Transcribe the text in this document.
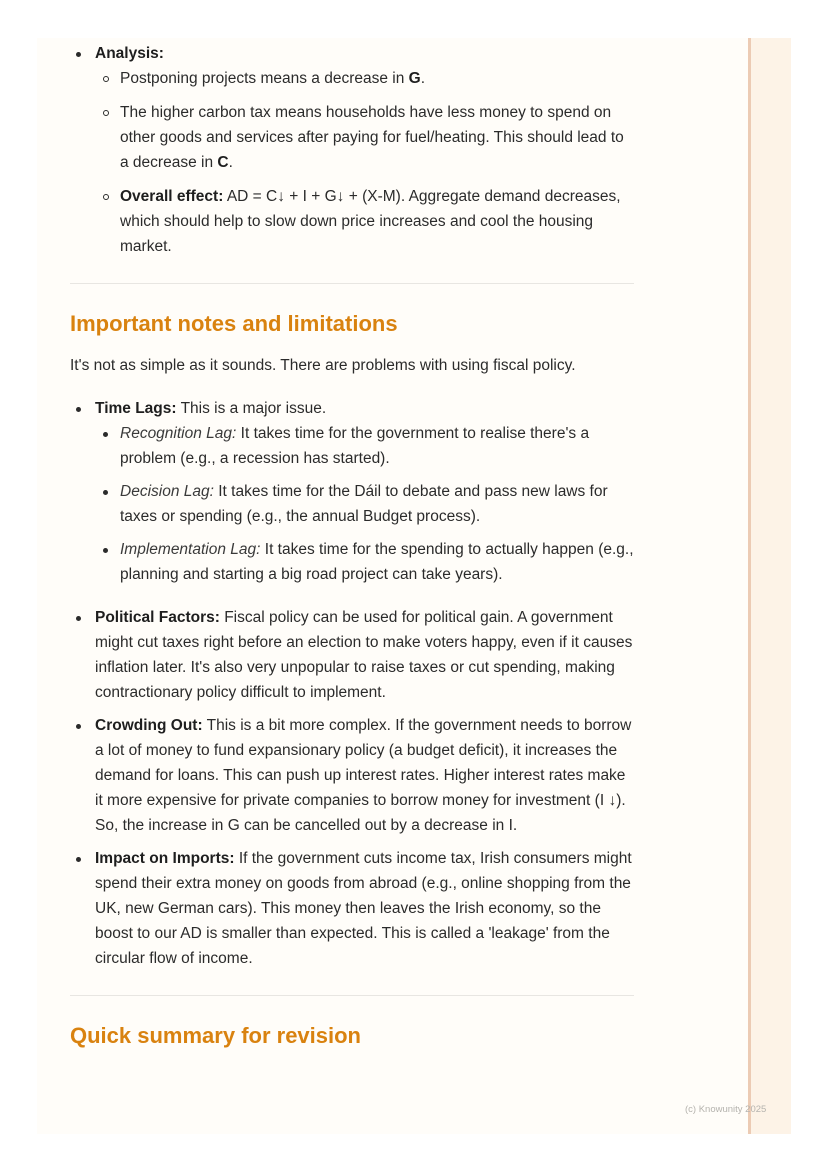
Analysis:
Postponing projects means a decrease in G.
The higher carbon tax means households have less money to spend on other goods and services after paying for fuel/heating. This should lead to a decrease in C.
Overall effect: AD = C↓ + I + G↓ + (X-M). Aggregate demand decreases, which should help to slow down price increases and cool the housing market.
Important notes and limitations

It's not as simple as it sounds. There are problems with using fiscal policy.

Time Lags: This is a major issue.
Recognition Lag: It takes time for the government to realise there's a problem (e.g., a recession has started).
Decision Lag: It takes time for the Dáil to debate and pass new laws for taxes or spending (e.g., the annual Budget process).
Implementation Lag: It takes time for the spending to actually happen (e.g., planning and starting a big road project can take years).
Political Factors: Fiscal policy can be used for political gain. A government might cut taxes right before an election to make voters happy, even if it causes inflation later. It's also very unpopular to raise taxes or cut spending, making contractionary policy difficult to implement.
Crowding Out: This is a bit more complex. If the government needs to borrow a lot of money to fund expansionary policy (a budget deficit), it increases the demand for loans. This can push up interest rates. Higher interest rates make it more expensive for private companies to borrow money for investment (I ↓). So, the increase in G can be cancelled out by a decrease in I.
Impact on Imports: If the government cuts income tax, Irish consumers might spend their extra money on goods from abroad (e.g., online shopping from the UK, new German cars). This money then leaves the Irish economy, so the boost to our AD is smaller than expected. This is called a 'leakage' from the circular flow of income.
Quick summary for revision
(c) Knowunity 2025
